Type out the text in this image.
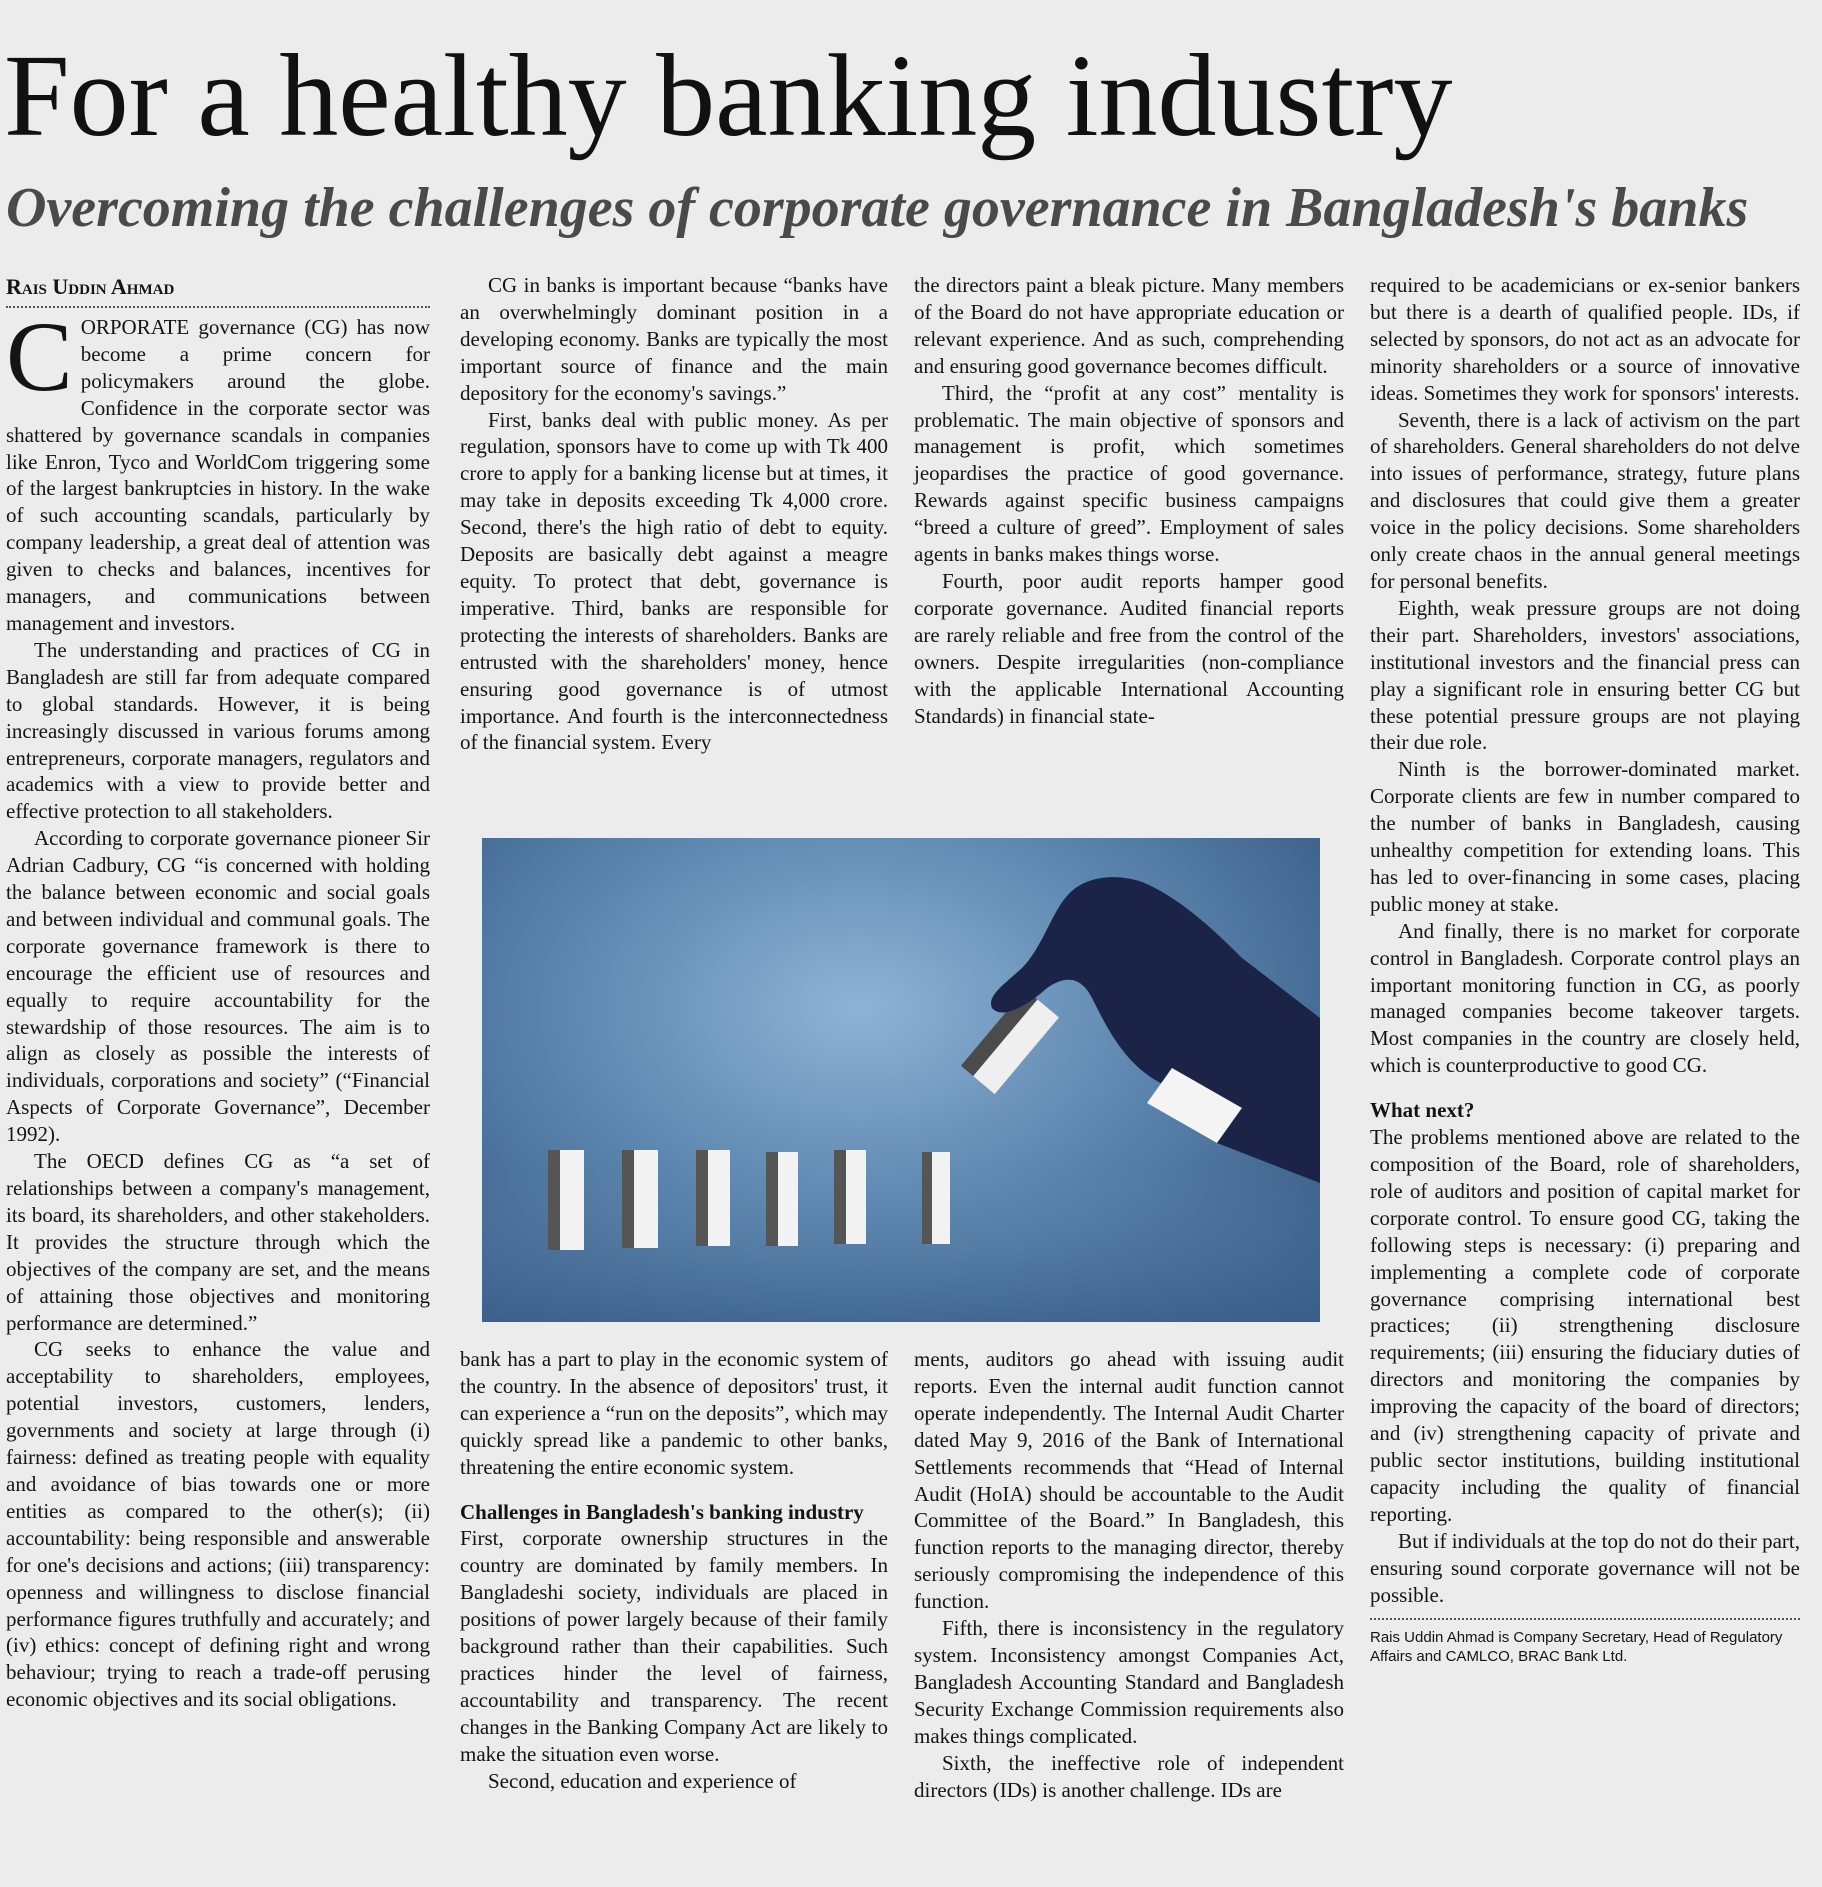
For a healthy banking industry
Overcoming the challenges of corporate governance in Bangladesh's banks
Rais Uddin Ahmad

CORPORATE governance (CG) has now become a prime concern for policymakers around the globe. Confidence in the corporate sector was shattered by governance scandals in companies like Enron, Tyco and WorldCom triggering some of the largest bankruptcies in history. In the wake of such accounting scandals, particularly by company leadership, a great deal of attention was given to checks and balances, incentives for managers, and communications between management and investors.

The understanding and practices of CG in Bangladesh are still far from adequate compared to global standards. However, it is being increasingly discussed in various forums among entrepreneurs, corporate managers, regulators and academics with a view to provide better and effective protection to all stakeholders.

According to corporate governance pioneer Sir Adrian Cadbury, CG “is concerned with holding the balance between economic and social goals and between individual and communal goals. The corporate governance framework is there to encourage the efficient use of resources and equally to require accountability for the stewardship of those resources. The aim is to align as closely as possible the interests of individuals, corporations and society” (“Financial Aspects of Corporate Governance”, December 1992).

The OECD defines CG as “a set of relationships between a company's management, its board, its shareholders, and other stakeholders. It provides the structure through which the objectives of the company are set, and the means of attaining those objectives and monitoring performance are determined.”

CG seeks to enhance the value and acceptability to shareholders, employees, potential investors, customers, lenders, governments and society at large through (i) fairness: defined as treating people with equality and avoidance of bias towards one or more entities as compared to the other(s); (ii) accountability: being responsible and answerable for one's decisions and actions; (iii) transparency: openness and willingness to disclose financial performance figures truthfully and accurately; and (iv) ethics: concept of defining right and wrong behaviour; trying to reach a trade-off perusing economic objectives and its social obligations.

CG in banks is important because “banks have an overwhelmingly dominant position in a developing economy. Banks are typically the most important source of finance and the main depository for the economy's savings.”

First, banks deal with public money. As per regulation, sponsors have to come up with Tk 400 crore to apply for a banking license but at times, it may take in deposits exceeding Tk 4,000 crore. Second, there's the high ratio of debt to equity. Deposits are basically debt against a meagre equity. To protect that debt, governance is imperative. Third, banks are responsible for protecting the interests of shareholders. Banks are entrusted with the shareholders' money, hence ensuring good governance is of utmost importance. And fourth is the interconnectedness of the financial system. Every

the directors paint a bleak picture. Many members of the Board do not have appropriate education or relevant experience. And as such, comprehending and ensuring good governance becomes difficult.

Third, the “profit at any cost” mentality is problematic. The main objective of sponsors and management is profit, which sometimes jeopardises the practice of good governance. Rewards against specific business campaigns “breed a culture of greed”. Employment of sales agents in banks makes things worse.

Fourth, poor audit reports hamper good corporate governance. Audited financial reports are rarely reliable and free from the control of the owners. Despite irregularities (non-compliance with the applicable International Accounting Standards) in financial state-

bank has a part to play in the economic system of the country. In the absence of depositors' trust, it can experience a “run on the deposits”, which may quickly spread like a pandemic to other banks, threatening the entire economic system.

Challenges in Bangladesh's banking industry

First, corporate ownership structures in the country are dominated by family members. In Bangladeshi society, individuals are placed in positions of power largely because of their family background rather than their capabilities. Such practices hinder the level of fairness, accountability and transparency. The recent changes in the Banking Company Act are likely to make the situation even worse.

Second, education and experience of

ments, auditors go ahead with issuing audit reports. Even the internal audit function cannot operate independently. The Internal Audit Charter dated May 9, 2016 of the Bank of International Settlements recommends that “Head of Internal Audit (HoIA) should be accountable to the Audit Committee of the Board.” In Bangladesh, this function reports to the managing director, thereby seriously compromising the independence of this function.

Fifth, there is inconsistency in the regulatory system. Inconsistency amongst Companies Act, Bangladesh Accounting Standard and Bangladesh Security Exchange Commission requirements also makes things complicated.

Sixth, the ineffective role of independent directors (IDs) is another challenge. IDs are

required to be academicians or ex-senior bankers but there is a dearth of qualified people. IDs, if selected by sponsors, do not act as an advocate for minority shareholders or a source of innovative ideas. Sometimes they work for sponsors' interests.

Seventh, there is a lack of activism on the part of shareholders. General shareholders do not delve into issues of performance, strategy, future plans and disclosures that could give them a greater voice in the policy decisions. Some shareholders only create chaos in the annual general meetings for personal benefits.

Eighth, weak pressure groups are not doing their part. Shareholders, investors' associations, institutional investors and the financial press can play a significant role in ensuring better CG but these potential pressure groups are not playing their due role.

Ninth is the borrower-dominated market. Corporate clients are few in number compared to the number of banks in Bangladesh, causing unhealthy competition for extending loans. This has led to over-financing in some cases, placing public money at stake.

And finally, there is no market for corporate control in Bangladesh. Corporate control plays an important monitoring function in CG, as poorly managed companies become takeover targets. Most companies in the country are closely held, which is counterproductive to good CG.

What next?

The problems mentioned above are related to the composition of the Board, role of shareholders, role of auditors and position of capital market for corporate control. To ensure good CG, taking the following steps is necessary: (i) preparing and implementing a complete code of corporate governance comprising international best practices; (ii) strengthening disclosure requirements; (iii) ensuring the fiduciary duties of directors and monitoring the companies by improving the capacity of the board of directors; and (iv) strengthening capacity of private and public sector institutions, building institutional capacity including the quality of financial reporting.

But if individuals at the top do not do their part, ensuring sound corporate governance will not be possible.

Rais Uddin Ahmad is Company Secretary, Head of Regulatory Affairs and CAMLCO, BRAC Bank Ltd.
